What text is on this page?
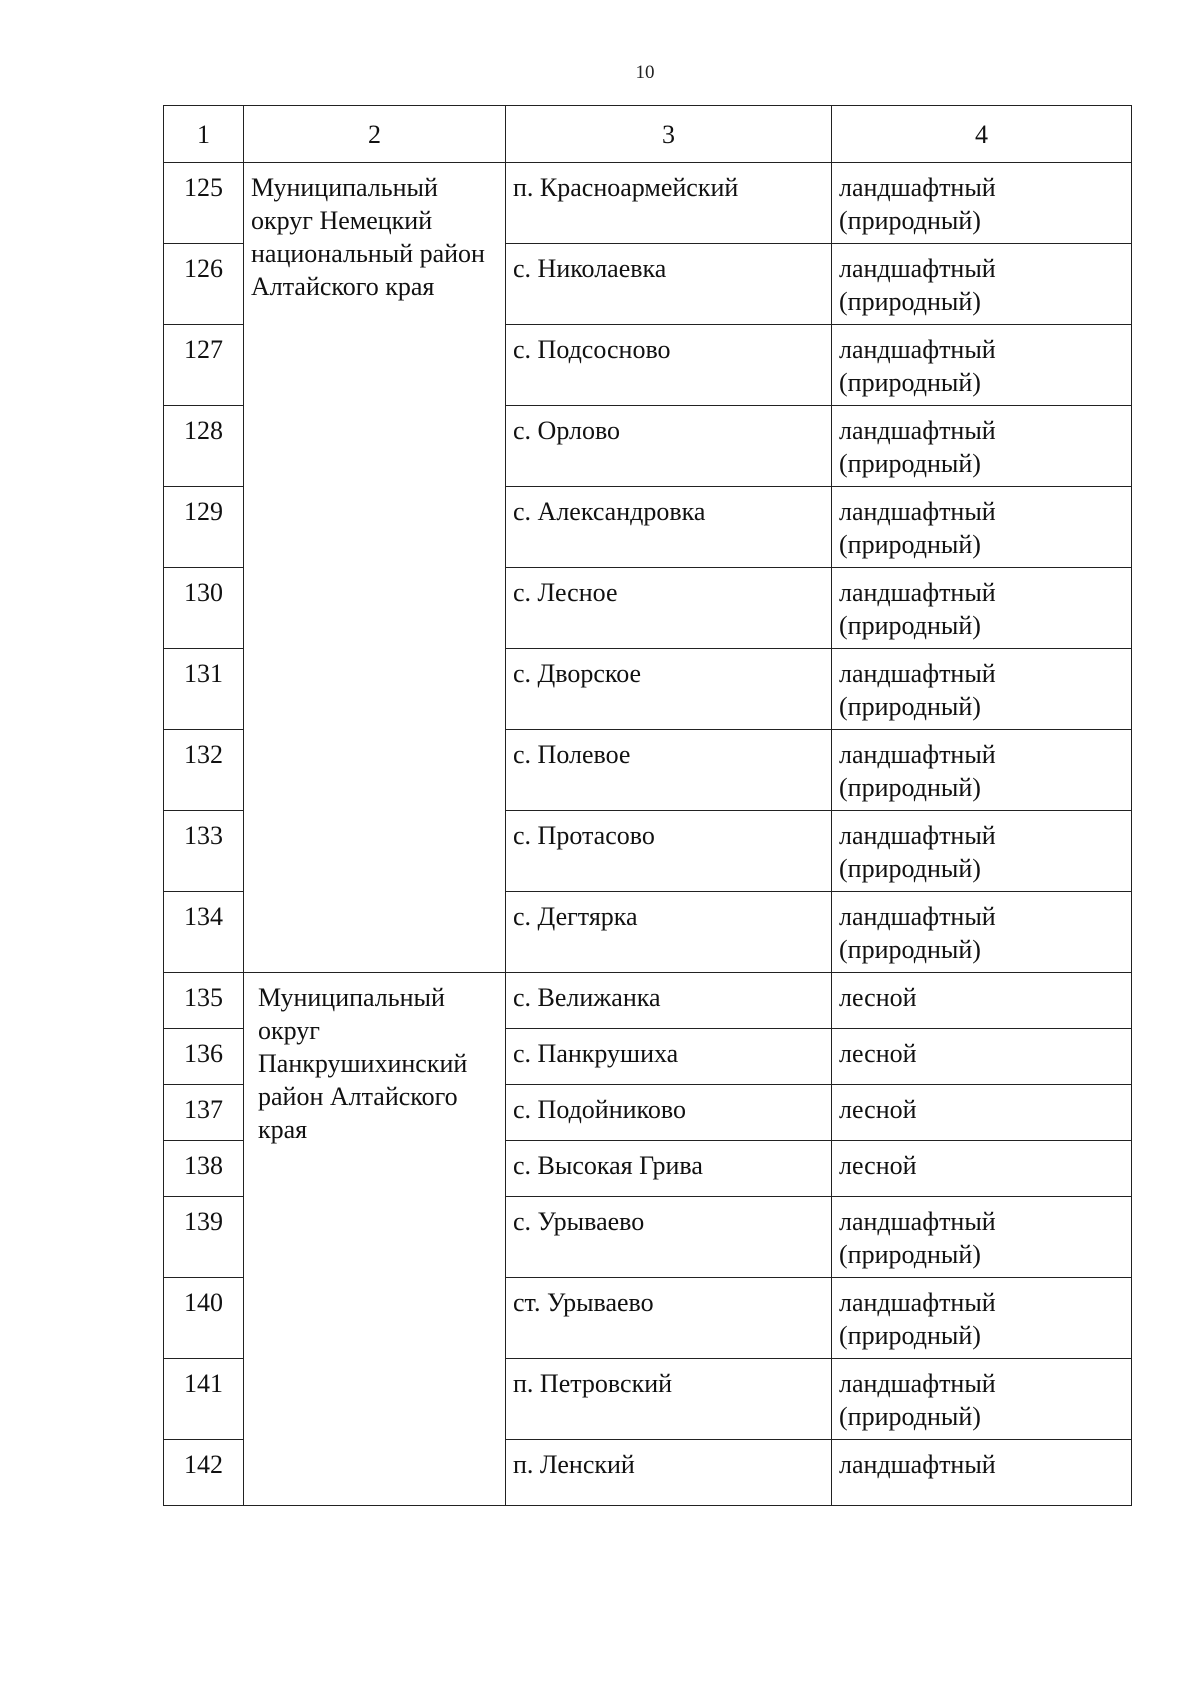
10
1	2	3	4
125	Муниципальный округ Немецкий национальный район Алтайского края	п. Красноармейский	ландшафтный
(природный)

126		с. Николаевка	ландшафтный
(природный)

127		с. Подсосново	ландшафтный
(природный)

128		с. Орлово	ландшафтный
(природный)

129		с. Александровка	ландшафтный
(природный)

130		с. Лесное	ландшафтный
(природный)

131		с. Дворское	ландшафтный
(природный)

132		с. Полевое	ландшафтный
(природный)

133		с. Протасово	ландшафтный
(природный)

134		с. Дегтярка	ландшафтный
(природный)

135	Муниципальный округ Панкрушихинский район Алтайского края	с. Велижанка	лесной
136		с. Панкрушиха	лесной
137		с. Подойниково	лесной
138		с. Высокая Грива	лесной
139		с. Урываево	ландшафтный
(природный)

140		ст. Урываево	ландшафтный
(природный)

141		п. Петровский	ландшафтный
(природный)

142		п. Ленский	ландшафтный
